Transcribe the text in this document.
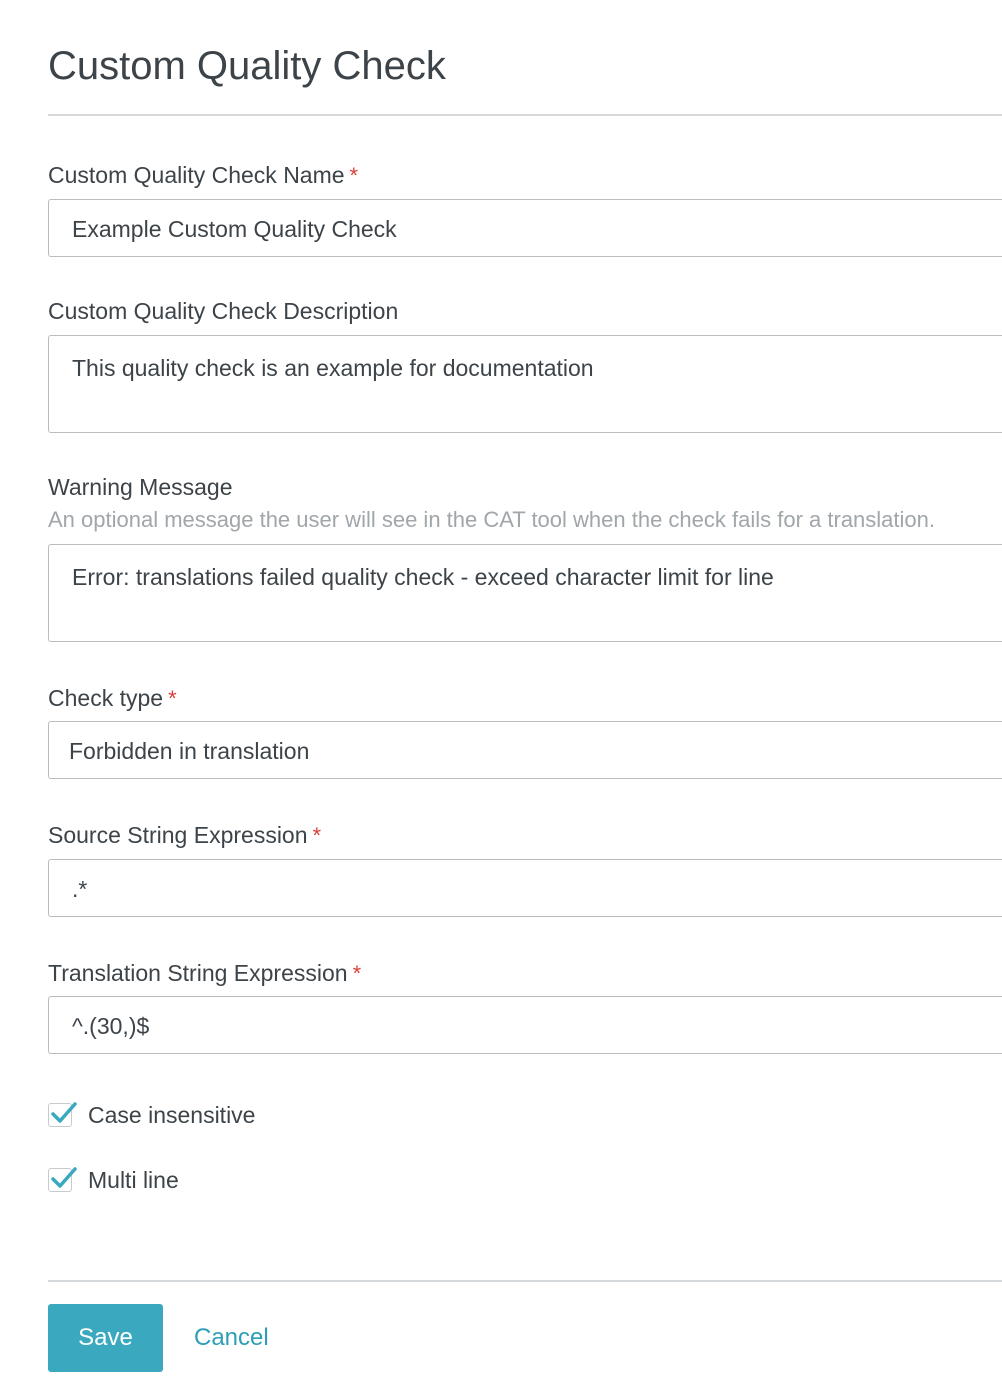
Custom Quality Check
Custom Quality Check Name *
Example Custom Quality Check
Custom Quality Check Description
This quality check is an example for documentation
Warning Message
An optional message the user will see in the CAT tool when the check fails for a translation.
Error: translations failed quality check - exceed character limit for line
Check type *
Forbidden in translation
Source String Expression *
.*
Translation String Expression *
^.(30,)$
Case insensitive
Multi line
Save	Cancel
